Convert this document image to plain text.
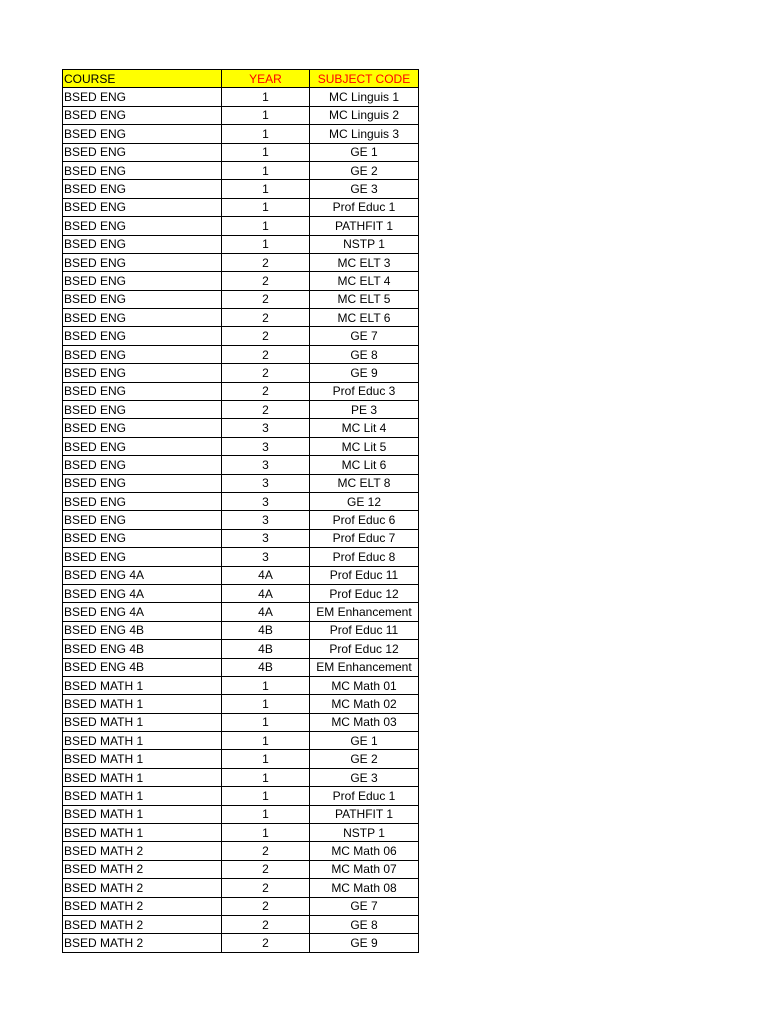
COURSE	YEAR	SUBJECT CODE
BSED ENG	1	MC Linguis 1
BSED ENG	1	MC Linguis 2
BSED ENG	1	MC Linguis 3
BSED ENG	1	GE 1
BSED ENG	1	GE 2
BSED ENG	1	GE 3
BSED ENG	1	Prof Educ 1
BSED ENG	1	PATHFIT 1
BSED ENG	1	NSTP 1
BSED ENG	2	MC ELT 3
BSED ENG	2	MC ELT 4
BSED ENG	2	MC ELT 5
BSED ENG	2	MC ELT 6
BSED ENG	2	GE 7
BSED ENG	2	GE 8
BSED ENG	2	GE 9
BSED ENG	2	Prof Educ 3
BSED ENG	2	PE 3
BSED ENG	3	MC Lit 4
BSED ENG	3	MC Lit 5
BSED ENG	3	MC Lit 6
BSED ENG	3	MC ELT 8
BSED ENG	3	GE 12
BSED ENG	3	Prof Educ 6
BSED ENG	3	Prof Educ 7
BSED ENG	3	Prof Educ 8
BSED ENG 4A	4A	Prof Educ 11
BSED ENG 4A	4A	Prof Educ 12
BSED ENG 4A	4A	EM Enhancement
BSED ENG 4B	4B	Prof Educ 11
BSED ENG 4B	4B	Prof Educ 12
BSED ENG 4B	4B	EM Enhancement
BSED MATH 1	1	MC Math 01
BSED MATH 1	1	MC Math 02
BSED MATH 1	1	MC Math 03
BSED MATH 1	1	GE 1
BSED MATH 1	1	GE 2
BSED MATH 1	1	GE 3
BSED MATH 1	1	Prof Educ 1
BSED MATH 1	1	PATHFIT 1
BSED MATH 1	1	NSTP 1
BSED MATH 2	2	MC Math 06
BSED MATH 2	2	MC Math 07
BSED MATH 2	2	MC Math 08
BSED MATH 2	2	GE 7
BSED MATH 2	2	GE 8
BSED MATH 2	2	GE 9
